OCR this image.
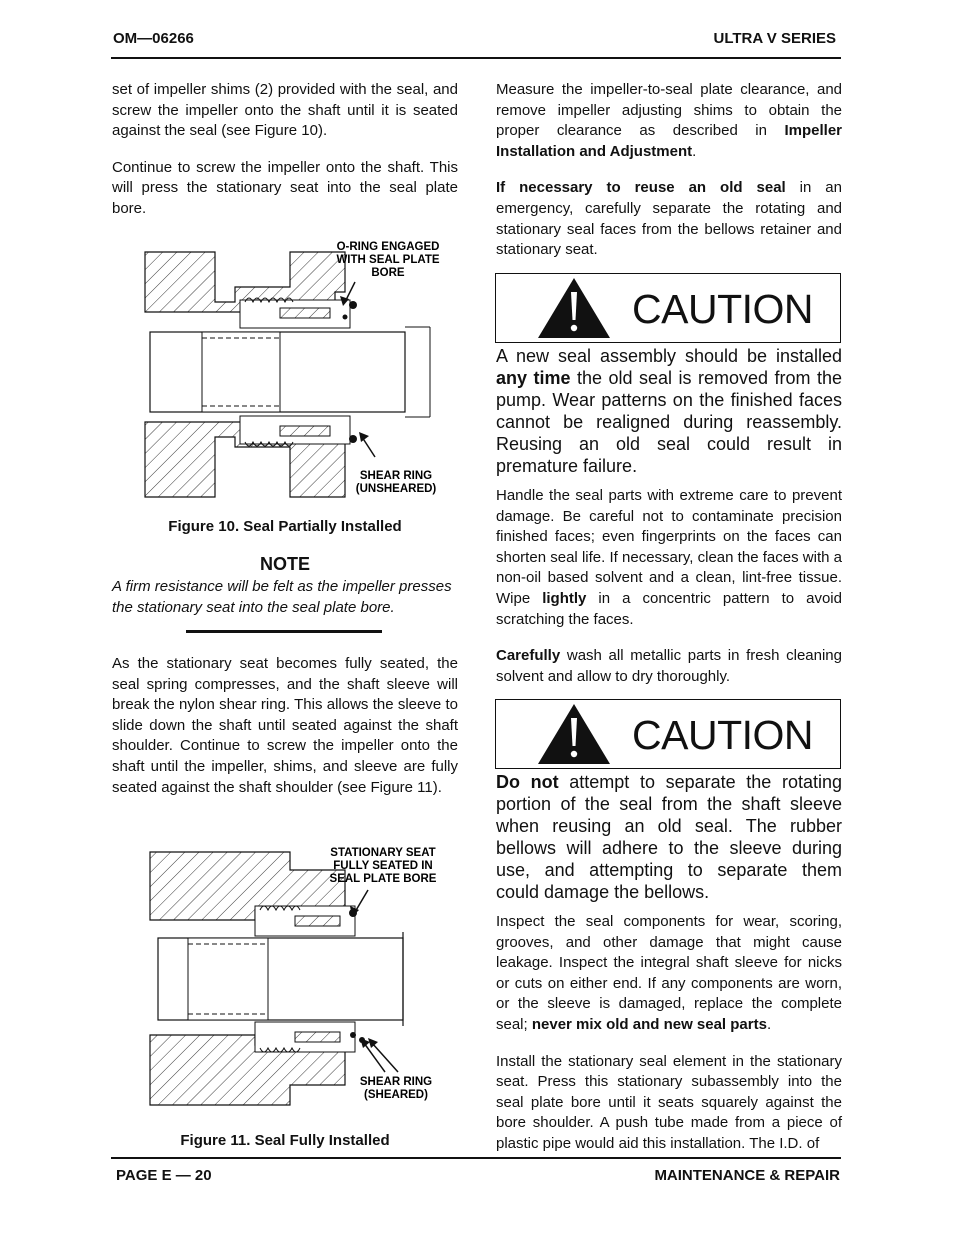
OM—06266	ULTRA V SERIES

set of impeller shims (2) provided with the seal, and screw the impeller onto the shaft until it is seated against the seal (see Figure 10).

Continue to screw the impeller onto the shaft. This will press the stationary seat into the seal plate bore.

O-RING ENGAGED
WITH SEAL PLATE
BORE
SHEAR RING
(UNSHEARED)
Figure 10. Seal Partially Installed
NOTE
A firm resistance will be felt as the impeller presses the stationary seat into the seal plate bore.

As the stationary seat becomes fully seated, the seal spring compresses, and the shaft sleeve will break the nylon shear ring. This allows the sleeve to slide down the shaft until seated against the shaft shoulder. Continue to screw the impeller onto the shaft until the impeller, shims, and sleeve are fully seated against the shaft shoulder (see Figure 11).

STATIONARY SEAT
FULLY SEATED IN
SEAL PLATE BORE
SHEAR RING
(SHEARED)
Figure 11. Seal Fully Installed

Measure the impeller-to-seal plate clearance, and remove impeller adjusting shims to obtain the proper clearance as described in Impeller Installation and Adjustment.

If necessary to reuse an old seal in an emergency, carefully separate the rotating and stationary seal faces from the bellows retainer and stationary seat.

CAUTION
A new seal assembly should be installed any time the old seal is removed from the pump. Wear patterns on the finished faces cannot be realigned during reassembly. Reusing an old seal could result in premature failure.

Handle the seal parts with extreme care to prevent damage. Be careful not to contaminate precision finished faces; even fingerprints on the faces can shorten seal life. If necessary, clean the faces with a non-oil based solvent and a clean, lint-free tissue. Wipe lightly in a concentric pattern to avoid scratching the faces.

Carefully wash all metallic parts in fresh cleaning solvent and allow to dry thoroughly.

CAUTION
Do not attempt to separate the rotating portion of the seal from the shaft sleeve when reusing an old seal. The rubber bellows will adhere to the sleeve during use, and attempting to separate them could damage the bellows.

Inspect the seal components for wear, scoring, grooves, and other damage that might cause leakage. Inspect the integral shaft sleeve for nicks or cuts on either end. If any components are worn, or the sleeve is damaged, replace the complete seal; never mix old and new seal parts.

Install the stationary seal element in the stationary seat. Press this stationary subassembly into the seal plate bore until it seats squarely against the bore shoulder. A push tube made from a piece of plastic pipe would aid this installation. The I.D. of

PAGE E — 20	MAINTENANCE & REPAIR
